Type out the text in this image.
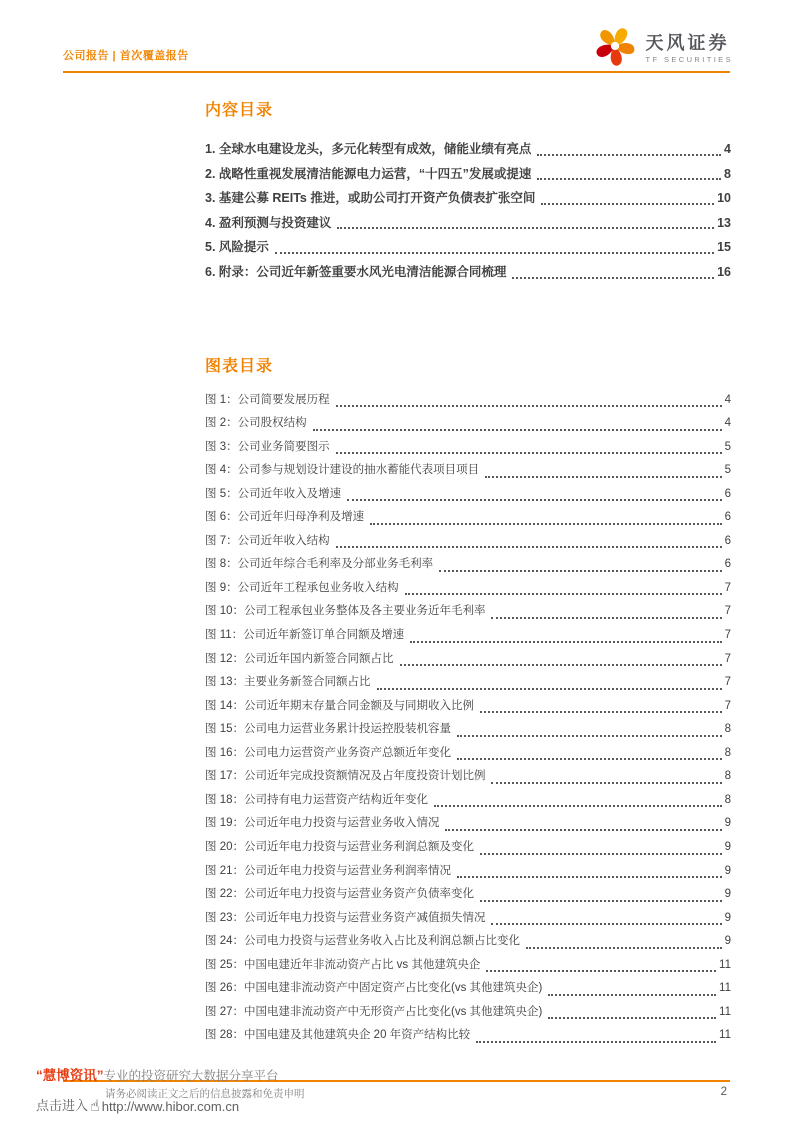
公司报告 | 首次覆盖报告
天风证券
TF SECURITIES
内容目录
1. 全球水电建设龙头，多元化转型有成效，储能业绩有亮点	4
2. 战略性重视发展清洁能源电力运营，“十四五”发展或提速	8
3. 基建公募 REITs 推进，或助公司打开资产负债表扩张空间	10
4. 盈利预测与投资建议	13
5. 风险提示	15
6. 附录：公司近年新签重要水风光电清洁能源合同梳理	16
图表目录
图 1：公司简要发展历程	4
图 2：公司股权结构	4
图 3：公司业务简要图示	5
图 4：公司参与规划设计建设的抽水蓄能代表项目项目	5
图 5：公司近年收入及增速	6
图 6：公司近年归母净利及增速	6
图 7：公司近年收入结构	6
图 8：公司近年综合毛利率及分部业务毛利率	6
图 9：公司近年工程承包业务收入结构	7
图 10：公司工程承包业务整体及各主要业务近年毛利率	7
图 11：公司近年新签订单合同额及增速	7
图 12：公司近年国内新签合同额占比	7
图 13：主要业务新签合同额占比	7
图 14：公司近年期末存量合同金额及与同期收入比例	7
图 15：公司电力运营业务累计投运控股装机容量	8
图 16：公司电力运营资产业务资产总额近年变化	8
图 17：公司近年完成投资额情况及占年度投资计划比例	8
图 18：公司持有电力运营资产结构近年变化	8
图 19：公司近年电力投资与运营业务收入情况	9
图 20：公司近年电力投资与运营业务利润总额及变化	9
图 21：公司近年电力投资与运营业务利润率情况	9
图 22：公司近年电力投资与运营业务资产负债率变化	9
图 23：公司近年电力投资与运营业务资产减值损失情况	9
图 24：公司电力投资与运营业务收入占比及利润总额占比变化	9
图 25：中国电建近年非流动资产占比 vs 其他建筑央企	11
图 26：中国电建非流动资产中固定资产占比变化(vs 其他建筑央企)	11
图 27：中国电建非流动资产中无形资产占比变化(vs 其他建筑央企)	11
图 28：中国电建及其他建筑央企 20 年资产结构比较	11
“慧博资讯”专业的投资研究大数据分享平台
请务必阅读正文之后的信息披露和免责申明	2
点击进入 ☝ http://www.hibor.com.cn
